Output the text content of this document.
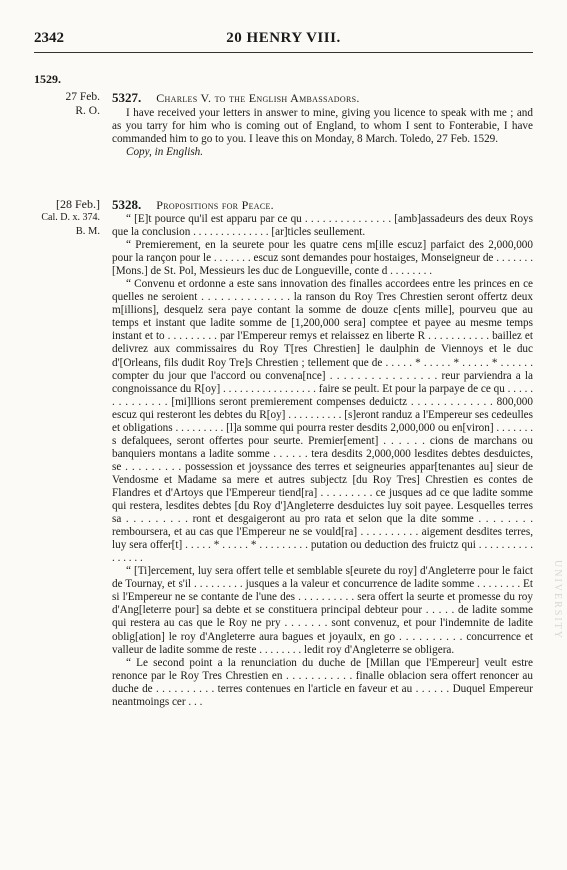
2342	20 HENRY VIII.
1529.
27 Feb.
R. O.
5327. Charles V. to the English Ambassadors.

I have received your letters in answer to mine, giving you licence to speak with me ; and as you tarry for him who is coming out of England, to whom I sent to Fonterabie, I have commanded him to go to you. I leave this on Monday, 8 March. Toledo, 27 Feb. 1529.

Copy, in English.

[28 Feb.]
Cal. D. x. 374.
B. M.
5328. Propositions for Peace.

“ [E]t pource qu'il est apparu par ce qu . . . . . . . . . . . . . . . [amb]assadeurs des deux Roys que la conclusion . . . . . . . . . . . . . . [ar]ticles seullement.

“ Premierement, en la seurete pour les quatre cens m[ille escuz] parfaict des 2,000,000 pour la rançon pour le . . . . . . . escuz sont demandes pour hostaiges, Monseigneur de . . . . . . . [Mons.] de St. Pol, Messieurs les duc de Longueville, conte d . . . . . . . .

“ Convenu et ordonne a este sans innovation des finalles accordees entre les princes en ce quelles ne seroient . . . . . . . . . . . . . . la ranson du Roy Tres Chrestien seront offertz deux m[illions], desquelz sera paye contant la somme de douze c[ents mille], pourveu que au temps et instant que ladite somme de [1,200,000 sera] comptee et payee au mesme temps instant et to . . . . . . . . . par l'Empereur remys et relaissez en liberte R . . . . . . . . . . . baillez et delivrez aux commissaires du Roy T[res Chrestien] le daulphin de Viennoys et le duc d'[Orleans, fils dudit Roy Tre]s Chrestien ; tellement que de . . . . . * . . . . . * . . . . . * . . . . . . compter du jour que l'accord ou convena[nce] . . . . . . . . . . . . . . . . reur parviendra a la congnoissance du R[oy] . . . . . . . . . . . . . . . . . faire se peult. Et pour la parpaye de ce qu . . . . . . . . . . . . . . [mi]llions seront premierement compenses deduictz . . . . . . . . . . . . . 800,000 escuz qui resteront les debtes du R[oy] . . . . . . . . . . [s]eront randuz a l'Empereur ses cedeulles et obligations . . . . . . . . . [l]a somme qui pourra rester desdits 2,000,000 ou en[viron] . . . . . . . s defalquees, seront offertes pour seurte. Premier[ement] . . . . . . cions de marchans ou banquiers montans a ladite somme . . . . . . tera desdits 2,000,000 lesdites debtes desduictes, se . . . . . . . . . possession et joyssance des terres et seigneuries appar[tenantes au] sieur de Vendosme et Madame sa mere et autres subjectz [du Roy Tres] Chrestien es contes de Flandres et d'Artoys que l'Empereur tiend[ra] . . . . . . . . . ce jusques ad ce que ladite somme qui restera, lesdites debtes [du Roy d']Angleterre desduictes luy soit payee. Lesquelles terres sa . . . . . . . . . ront et desgaigeront au pro rata et selon que la dite somme . . . . . . . . remboursera, et au cas que l'Empereur ne se vould[ra] . . . . . . . . . . aigement desdites terres, luy sera offer[t] . . . . . * . . . . . * . . . . . . . . . putation ou deduction des fruictz qui . . . . . . . . . . . . . . . .

“ [Ti]ercement, luy sera offert telle et semblable s[eurete du roy] d'Angleterre pour le faict de Tournay, et s'il . . . . . . . . . jusques a la valeur et concurrence de ladite somme . . . . . . . . Et si l'Empereur ne se contante de l'une des . . . . . . . . . . sera offert la seurte et promesse du roy d'Ang[leterre pour] sa debte et se constituera principal debteur pour . . . . . de ladite somme qui restera au cas que le Roy ne pry . . . . . . . sont convenuz, et pour l'indemnite de ladite oblig[ation] le roy d'Angleterre aura bagues et joyaulx, en go . . . . . . . . . . concurrence et valleur de ladite somme de reste . . . . . . . . ledit roy d'Angleterre se obligera.

“ Le second point a la renunciation du duche de [Millan que l'Empereur] veult estre renonce par le Roy Tres Chrestien en . . . . . . . . . . . finalle oblacion sera offert renoncer au duche de . . . . . . . . . . terres contenues en l'article en faveur et au . . . . . . Duquel Empereur neantmoings cer . . .

UNIVERSITY
